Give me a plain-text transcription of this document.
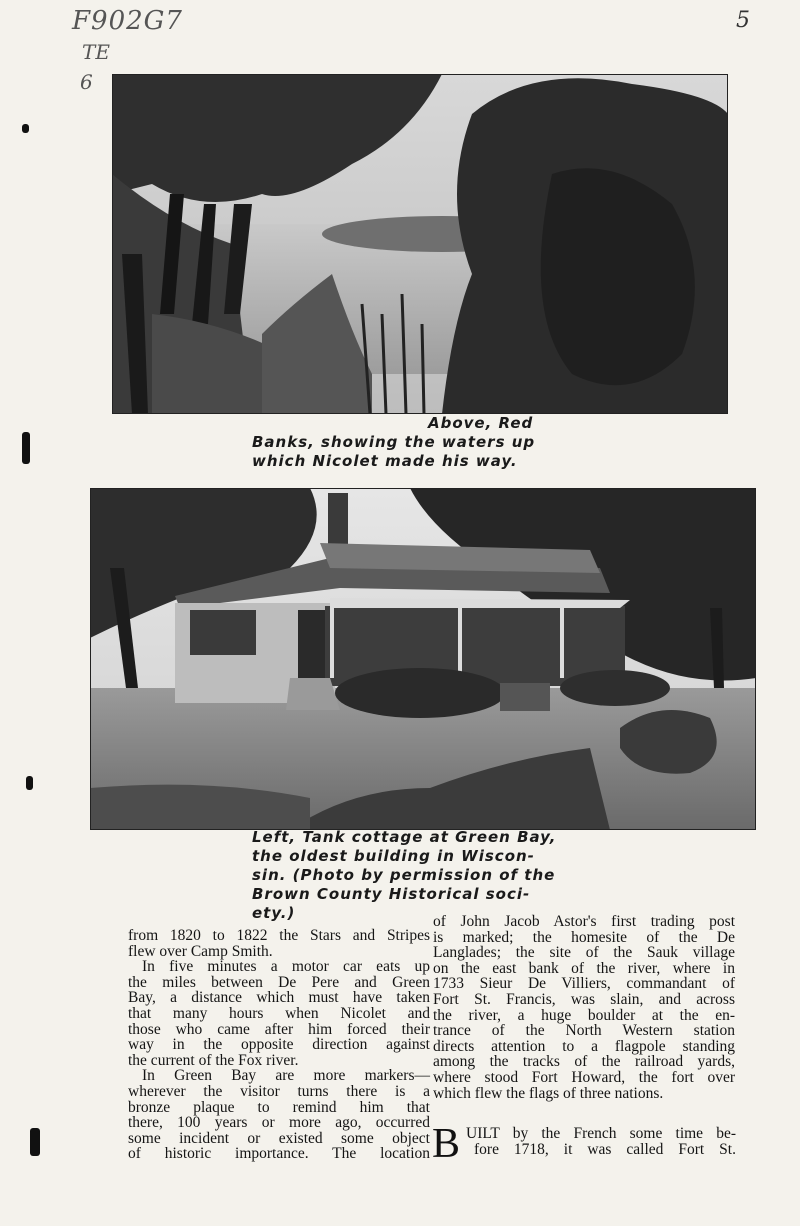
F902G7
TE
6
5
Above, Red
Banks, showing the waters up
which Nicolet made his way.
Left, Tank cottage at Green Bay,
the oldest building in Wiscon-
sin. (Photo by permission of the
Brown County Historical soci-
ety.)
from 1820 to 1822 the Stars and Stripes
flew over Camp Smith.
In five minutes a motor car eats up
the miles between De Pere and Green
Bay, a distance which must have taken
that many hours when Nicolet and
those who came after him forced their
way in the opposite direction against
the current of the Fox river.
In Green Bay are more markers—
wherever the visitor turns there is a
bronze plaque to remind him that
there, 100 years or more ago, occurred
some incident or existed some object
of historic importance. The location
of John Jacob Astor's first trading post
is marked; the homesite of the De
Langlades; the site of the Sauk village
on the east bank of the river, where in
1733 Sieur De Villiers, commandant of
Fort St. Francis, was slain, and across
the river, a huge boulder at the en-
trance of the North Western station
directs attention to a flagpole standing
among the tracks of the railroad yards,
where stood Fort Howard, the fort over
which flew the flags of three nations.
B UILT by the French some time be-
fore 1718, it was called Fort St.
